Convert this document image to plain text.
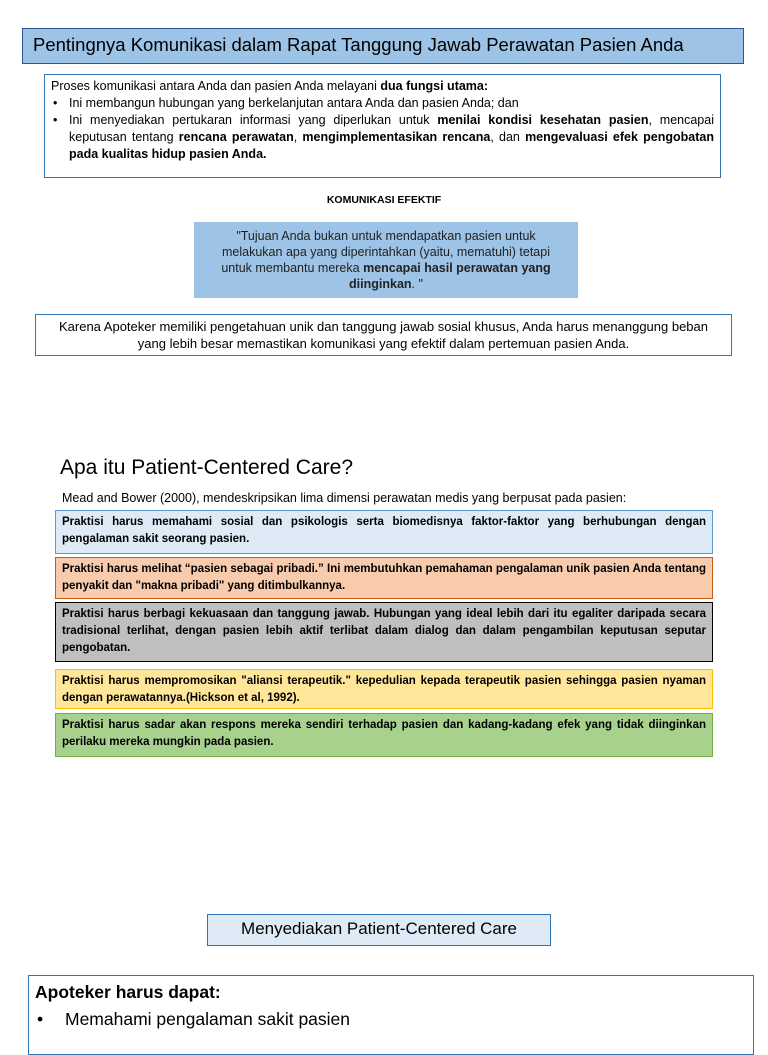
Pentingnya Komunikasi dalam Rapat Tanggung Jawab Perawatan Pasien Anda
Proses komunikasi antara Anda dan pasien Anda melayani dua fungsi utama:
• Ini membangun hubungan yang berkelanjutan antara Anda dan pasien Anda; dan
• Ini menyediakan pertukaran informasi yang diperlukan untuk menilai kondisi kesehatan pasien, mencapai keputusan tentang rencana perawatan, mengimplementasikan rencana, dan mengevaluasi efek pengobatan pada kualitas hidup pasien Anda.
KOMUNIKASI EFEKTIF
"Tujuan Anda bukan untuk mendapatkan pasien untuk melakukan apa yang diperintahkan (yaitu, mematuhi) tetapi untuk membantu mereka mencapai hasil perawatan yang diinginkan. "
Karena Apoteker memiliki pengetahuan unik dan tanggung jawab sosial khusus, Anda harus menanggung beban yang lebih besar memastikan komunikasi yang efektif dalam pertemuan pasien Anda.
Apa itu Patient-Centered Care?
Mead and Bower (2000), mendeskripsikan lima dimensi perawatan medis yang berpusat pada pasien:
Praktisi harus memahami sosial dan psikologis serta biomedisnya faktor-faktor yang berhubungan dengan pengalaman sakit seorang pasien.
Praktisi harus melihat “pasien sebagai pribadi.” Ini membutuhkan pemahaman pengalaman unik pasien Anda tentang penyakit dan "makna pribadi" yang ditimbulkannya.
Praktisi harus berbagi kekuasaan dan tanggung jawab. Hubungan yang ideal lebih dari itu egaliter daripada secara tradisional terlihat, dengan pasien lebih aktif terlibat dalam dialog dan dalam pengambilan keputusan seputar pengobatan.
Praktisi harus mempromosikan "aliansi terapeutik." kepedulian kepada terapeutik pasien sehingga pasien nyaman dengan perawatannya.(Hickson et al, 1992).
Praktisi harus sadar akan respons mereka sendiri terhadap pasien dan kadang-kadang efek yang tidak diinginkan perilaku mereka mungkin pada pasien.
Menyediakan Patient-Centered Care
Apoteker harus dapat:
• Memahami pengalaman sakit pasien
